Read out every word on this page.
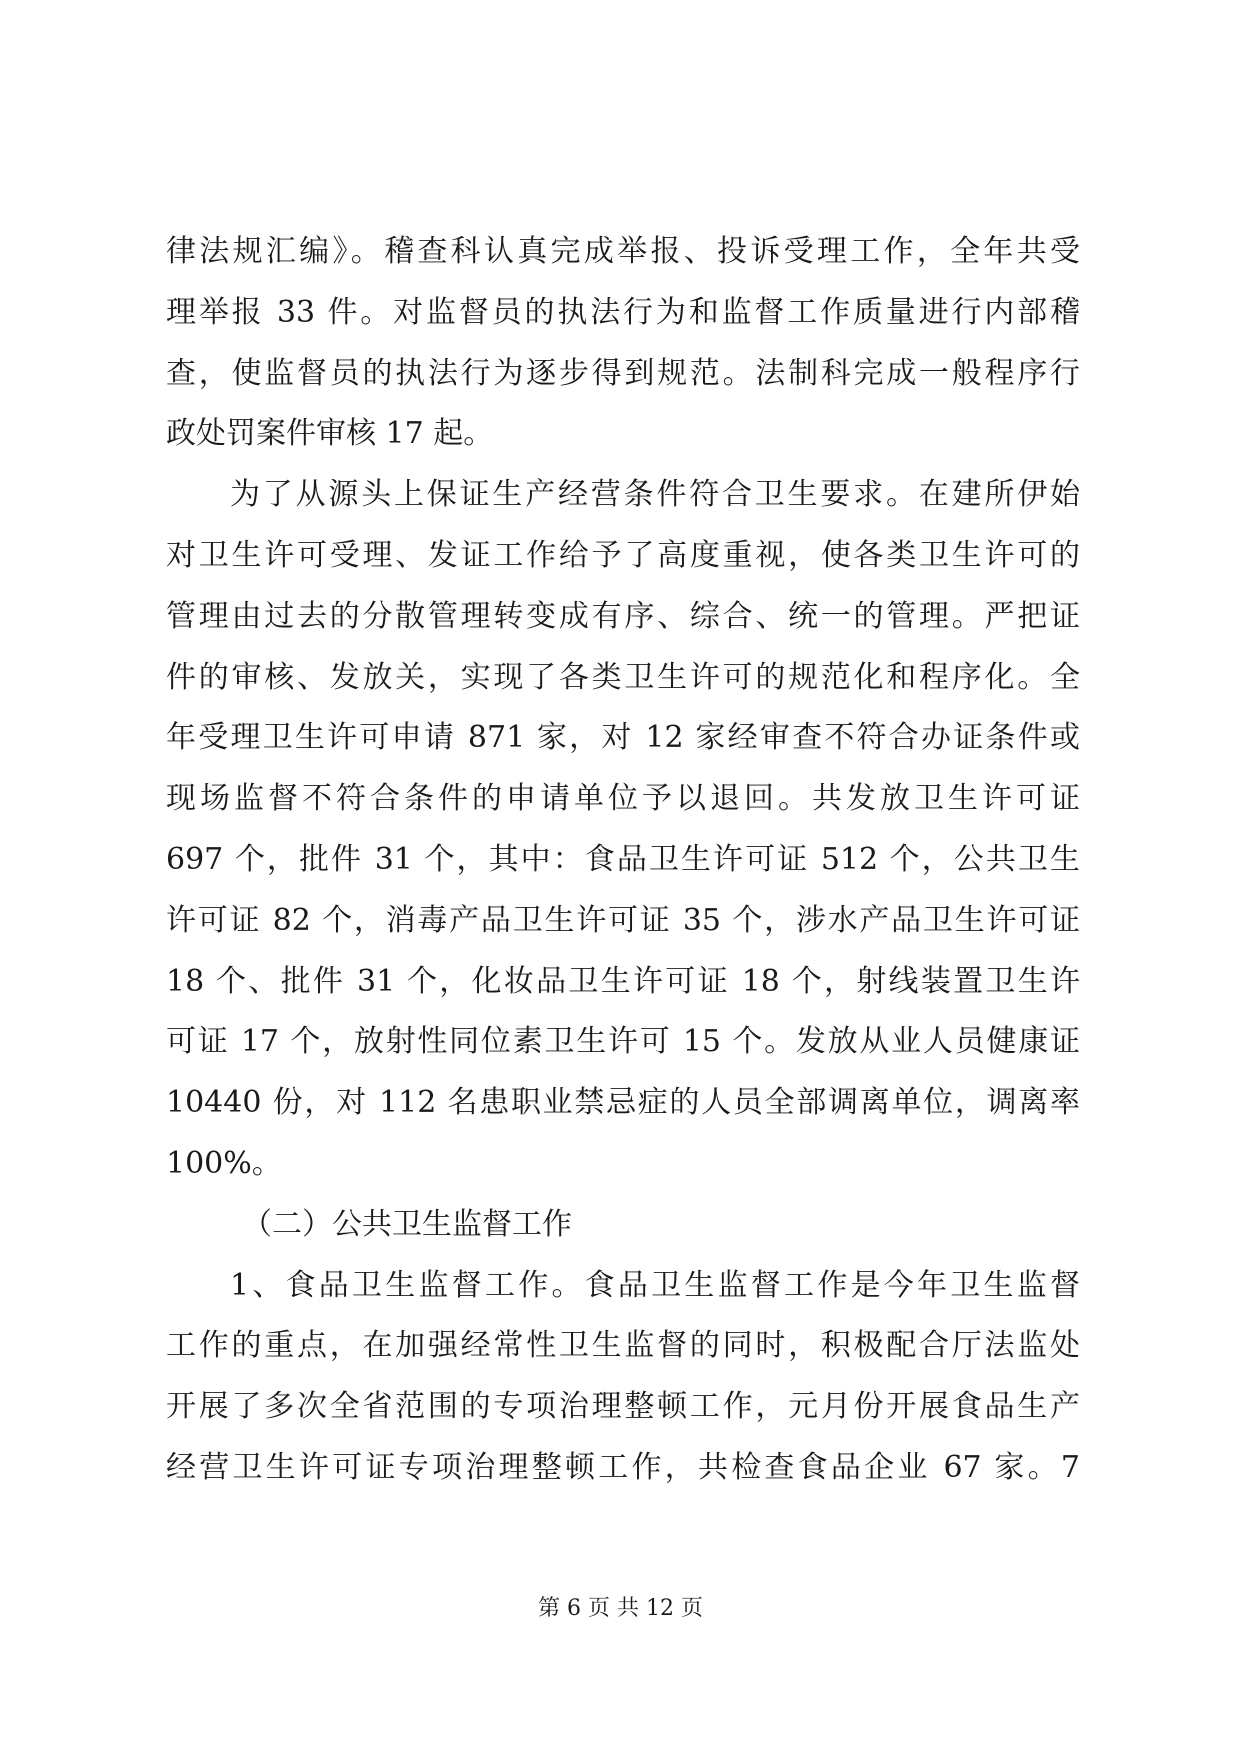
律法规汇编》。稽查科认真完成举报、投诉受理工作，全年共受
理举报 33 件。对监督员的执法行为和监督工作质量进行内部稽
查，使监督员的执法行为逐步得到规范。法制科完成一般程序行
政处罚案件审核 17 起。
为了从源头上保证生产经营条件符合卫生要求。在建所伊始
对卫生许可受理、发证工作给予了高度重视，使各类卫生许可的
管理由过去的分散管理转变成有序、综合、统一的管理。严把证
件的审核、发放关，实现了各类卫生许可的规范化和程序化。全
年受理卫生许可申请 871 家，对 12 家经审查不符合办证条件或
现场监督不符合条件的申请单位予以退回。共发放卫生许可证
697 个，批件 31 个，其中：食品卫生许可证 512 个，公共卫生
许可证 82 个，消毒产品卫生许可证 35 个，涉水产品卫生许可证
18 个、批件 31 个，化妆品卫生许可证 18 个，射线装置卫生许
可证 17 个，放射性同位素卫生许可 15 个。发放从业人员健康证
10440 份，对 112 名患职业禁忌症的人员全部调离单位，调离率
100%。
（二）公共卫生监督工作
1、食品卫生监督工作。食品卫生监督工作是今年卫生监督
工作的重点，在加强经常性卫生监督的同时，积极配合厅法监处
开展了多次全省范围的专项治理整顿工作，元月份开展食品生产
经营卫生许可证专项治理整顿工作，共检查食品企业 67 家。7
第 6 页 共 12 页
